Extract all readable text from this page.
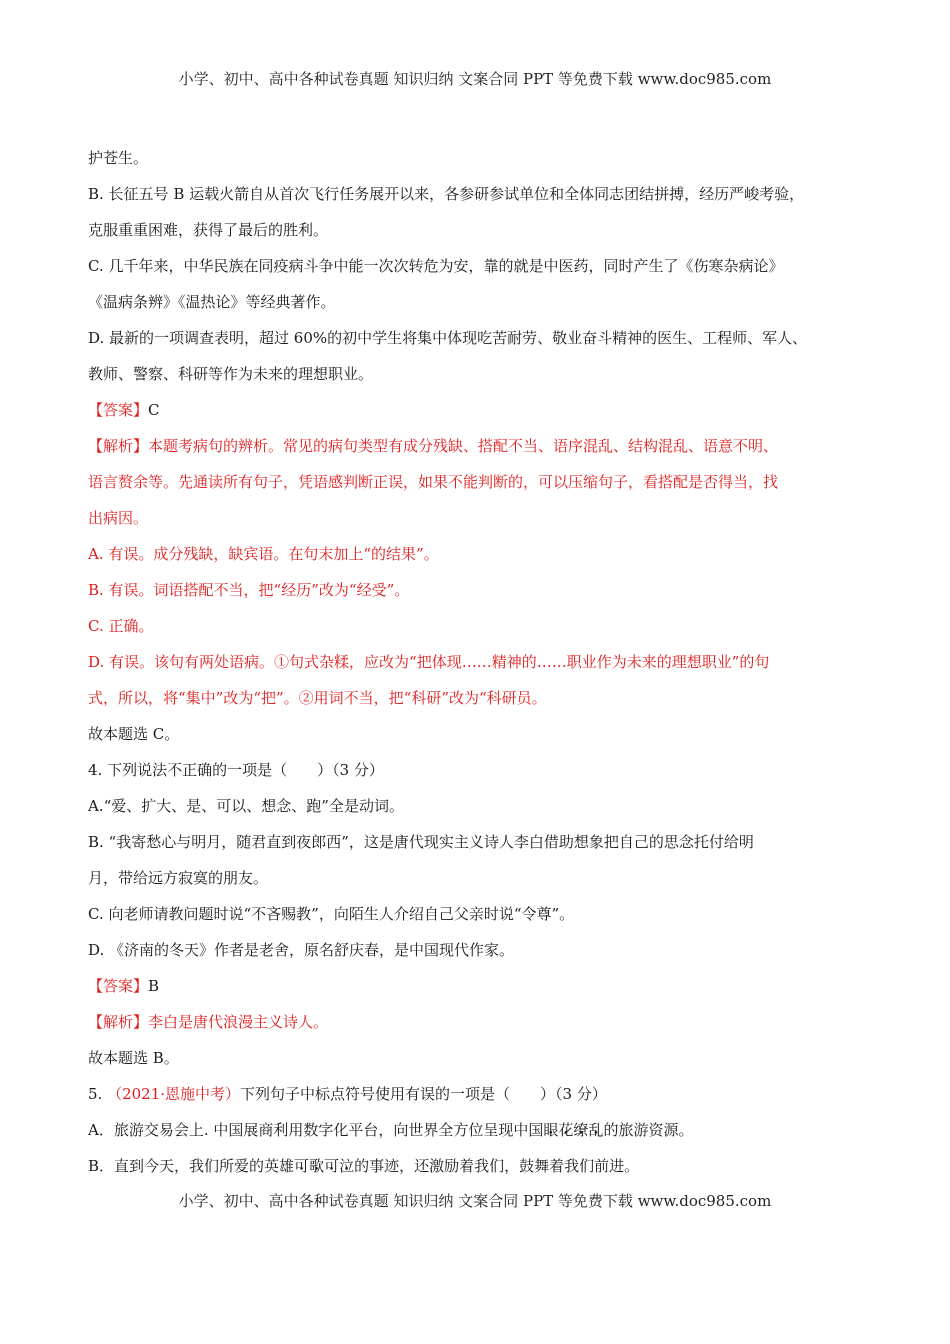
小学、初中、高中各种试卷真题 知识归纳 文案合同 PPT 等免费下载 www.doc985.com
护苍生。
B. 长征五号 B 运载火箭自从首次飞行任务展开以来，各参研参试单位和全体同志团结拼搏，经历严峻考验，
克服重重困难，获得了最后的胜利。
C. 几千年来，中华民族在同疫病斗争中能一次次转危为安，靠的就是中医药，同时产生了《伤寒杂病论》
《温病条辨》《温热论》等经典著作。
D. 最新的一项调查表明，超过 60%的初中学生将集中体现吃苦耐劳、敬业奋斗精神的医生、工程师、军人、
教师、警察、科研等作为未来的理想职业。
【答案】C
【解析】本题考病句的辨析。常见的病句类型有成分残缺、搭配不当、语序混乱、结构混乱、语意不明、
语言赘余等。先通读所有句子，凭语感判断正误，如果不能判断的，可以压缩句子，看搭配是否得当，找
出病因。
A. 有误。成分残缺，缺宾语。在句末加上“的结果”。
B. 有误。词语搭配不当，把“经历”改为“经受”。
C. 正确。
D. 有误。该句有两处语病。①句式杂糅，应改为“把体现……精神的……职业作为未来的理想职业”的句
式，所以，将“集中”改为“把”。②用词不当，把“科研”改为“科研员。
故本题选 C。
4. 下列说法不正确的一项是（　　）（3 分）
A.“爱、扩大、是、可以、想念、跑”全是动词。
B. “我寄愁心与明月，随君直到夜郎西”，这是唐代现实主义诗人李白借助想象把自己的思念托付给明
月，带给远方寂寞的朋友。
C. 向老师请教问题时说“不吝赐教”，向陌生人介绍自己父亲时说“令尊”。
D. 《济南的冬天》作者是老舍，原名舒庆春，是中国现代作家。
【答案】B
【解析】李白是唐代浪漫主义诗人。
故本题选 B。
5. （2021·恩施中考）下列句子中标点符号使用有误的一项是（　　）（3 分）
A．旅游交易会上. 中国展商利用数字化平台，向世界全方位呈现中国眼 •花 •缭 •乱 •的旅游资源。
B．直到今天，我们所爱的英雄可 •歌 •可 •泣 •的事迹，还激励着我们，鼓舞着我们前进。
小学、初中、高中各种试卷真题 知识归纳 文案合同 PPT 等免费下载 www.doc985.com
